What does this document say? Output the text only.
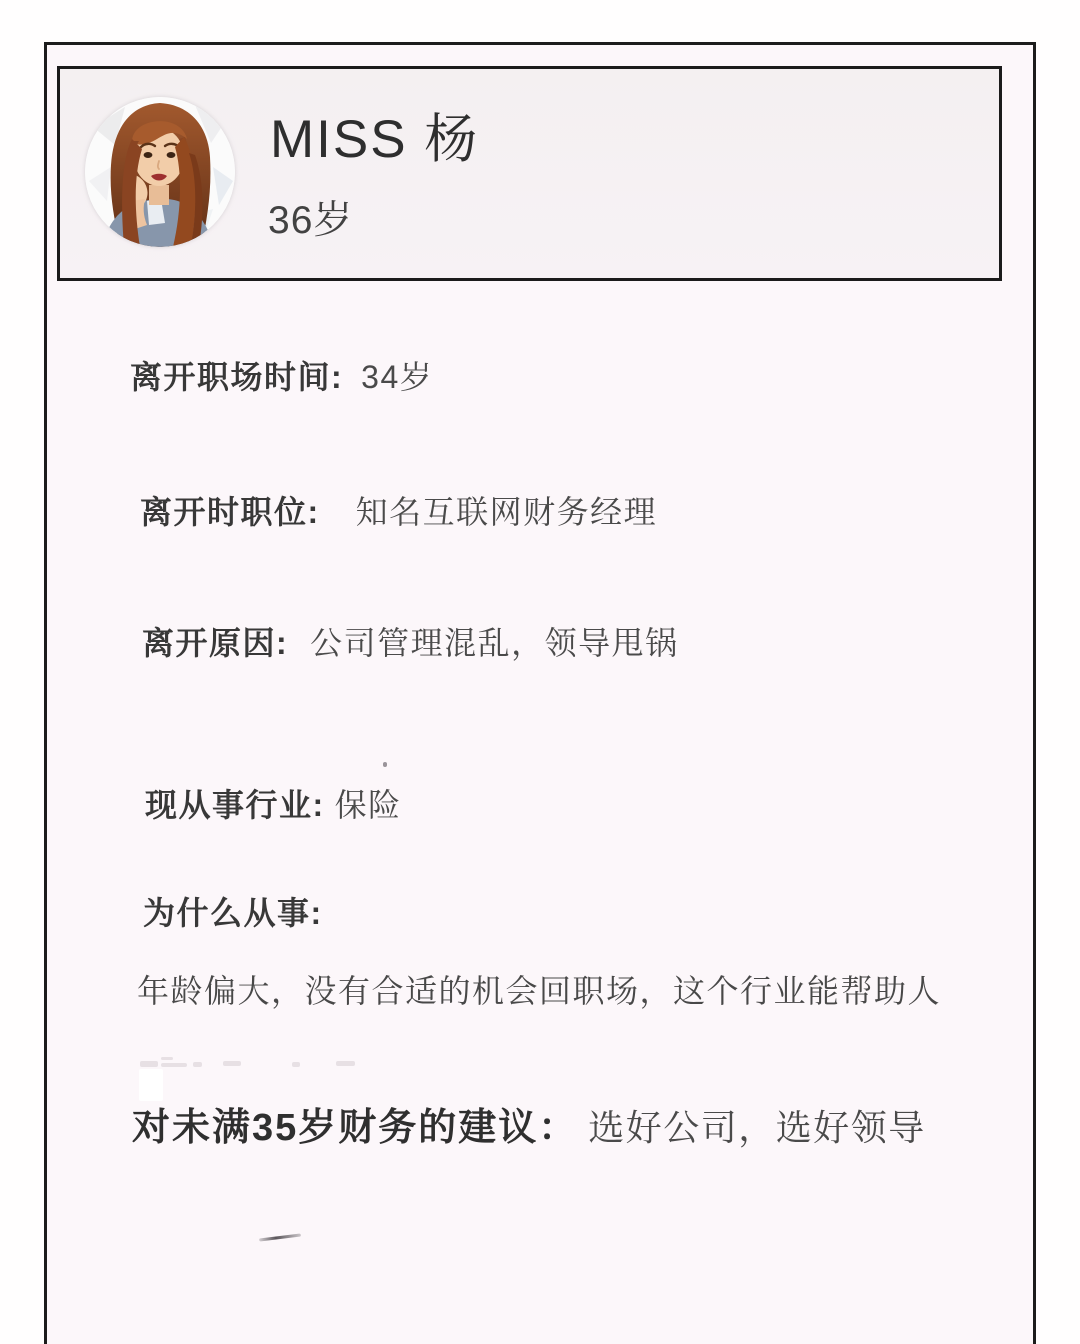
MISS 杨
36岁
离开职场时间: 34岁
离开时职位: 知名互联网财务经理
离开原因: 公司管理混乱，领导甩锅
现从事行业: 保险
为什么从事:
年龄偏大，没有合适的机会回职场，这个行业能帮助人
对未满35岁财务的建议： 选好公司，选好领导
